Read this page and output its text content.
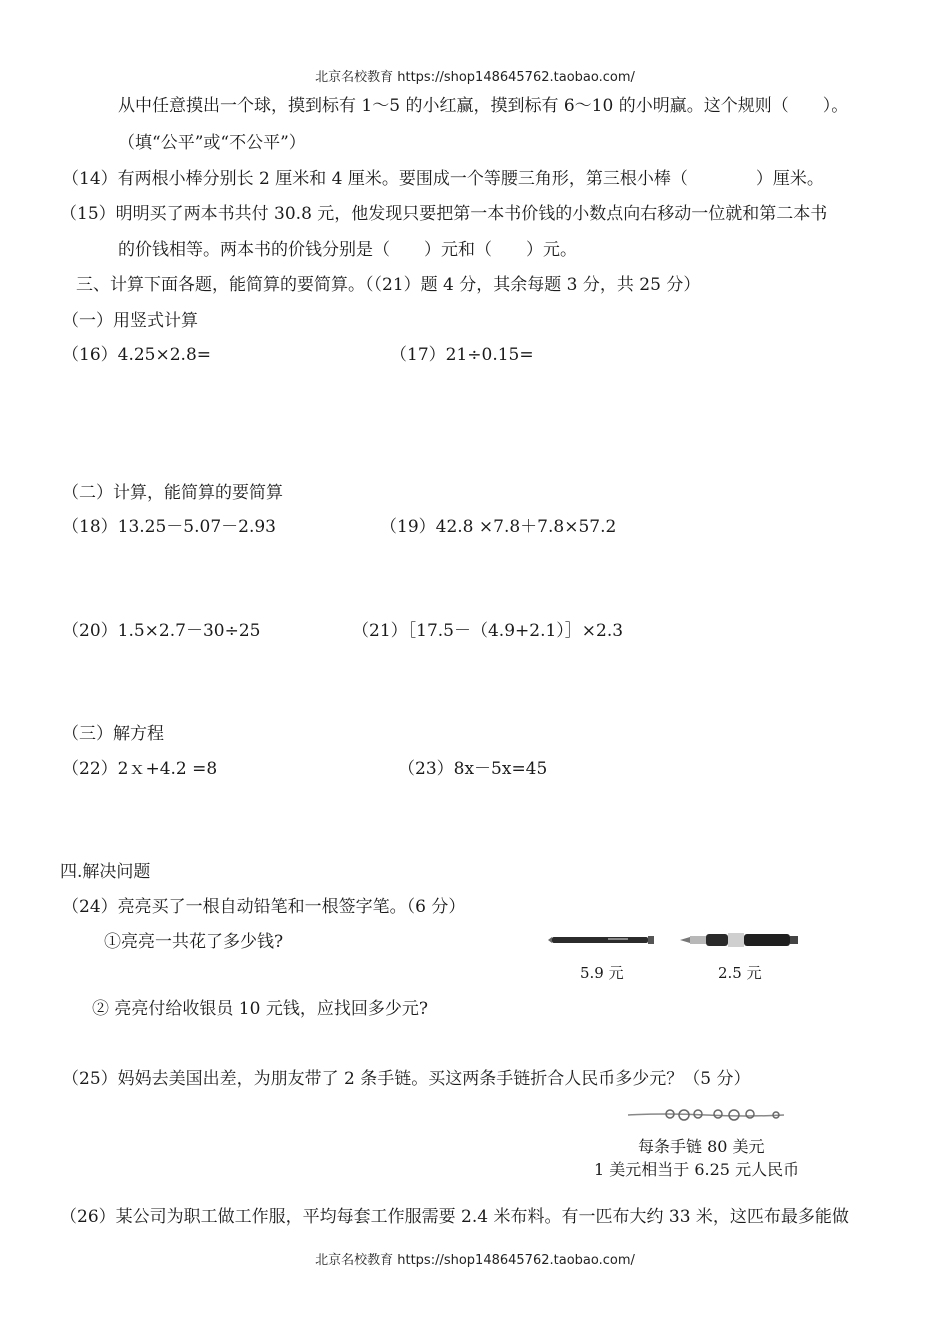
北京名校教育 https://shop148645762.taobao.com/
从中任意摸出一个球，摸到标有 1～5 的小红赢，摸到标有 6～10 的小明赢。这个规则（　　）。
（填“公平”或“不公平”）
（14）有两根小棒分别长 2 厘米和 4 厘米。要围成一个等腰三角形，第三根小棒（　　　　）厘米。
（15）明明买了两本书共付 30.8 元，他发现只要把第一本书价钱的小数点向右移动一位就和第二本书
的价钱相等。两本书的价钱分别是（　　）元和（　　）元。
三、计算下面各题，能简算的要简算。（（21）题 4 分，其余每题 3 分，共 25 分）
（一）用竖式计算
（16）4.25×2.8=	（17）21÷0.15=
（二）计算，能简算的要简算
（18）13.25－5.07－2.93	（19）42.8 ×7.8＋7.8×57.2
（20）1.5×2.7－30÷25	（21）［17.5－（4.9+2.1）］×2.3
（三）解方程
（22）2ｘ+4.2 =8	（23）8x－5x=45
四.解决问题
（24）亮亮买了一根自动铅笔和一根签字笔。（6 分）
①亮亮一共花了多少钱?
5.9 元	2.5 元
② 亮亮付给收银员 10 元钱，应找回多少元?
（25）妈妈去美国出差，为朋友带了 2 条手链。买这两条手链折合人民币多少元？（5 分）
每条手链 80 美元
1 美元相当于 6.25 元人民币
（26）某公司为职工做工作服，平均每套工作服需要 2.4 米布料。有一匹布大约 33 米，这匹布最多能做
北京名校教育 https://shop148645762.taobao.com/
